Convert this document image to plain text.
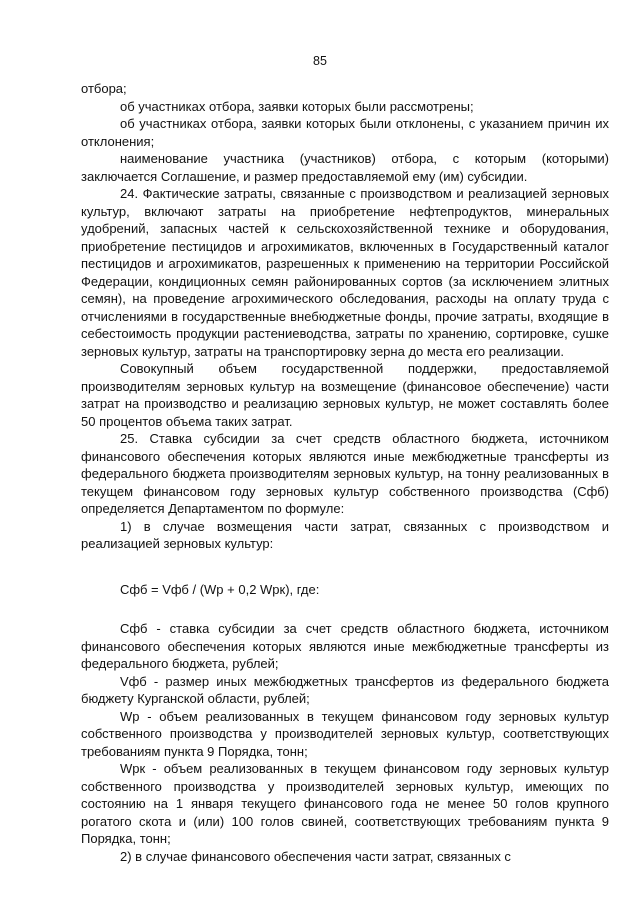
85

отбора;

об участниках отбора, заявки которых были рассмотрены;

об участниках отбора, заявки которых были отклонены, с указанием причин их отклонения;

наименование участника (участников) отбора, с которым (которыми) заключается Соглашение, и размер предоставляемой ему (им) субсидии.

24. Фактические затраты, связанные с производством и реализацией зерновых культур, включают затраты на приобретение нефтепродуктов, минеральных удобрений, запасных частей к сельскохозяйственной технике и оборудования, приобретение пестицидов и агрохимикатов, включенных в Государственный каталог пестицидов и агрохимикатов, разрешенных к применению на территории Российской Федерации, кондиционных семян районированных сортов (за исключением элитных семян), на проведение агрохимического обследования, расходы на оплату труда с отчислениями в государственные внебюджетные фонды, прочие затраты, входящие в себестоимость продукции растениеводства, затраты по хранению, сортировке, сушке зерновых культур, затраты на транспортировку зерна до места его реализации.

Совокупный объем государственной поддержки, предоставляемой производителям зерновых культур на возмещение (финансовое обеспечение) части затрат на производство и реализацию зерновых культур, не может составлять более 50 процентов объема таких затрат.

25. Ставка субсидии за счет средств областного бюджета, источником финансового обеспечения которых являются иные межбюджетные трансферты из федерального бюджета производителям зерновых культур, на тонну реализованных в текущем финансовом году зерновых культур собственного производства (Сфб) определяется Департаментом по формуле:

1) в случае возмещения части затрат, связанных с производством и реализацией зерновых культур:

Сфб = Vфб / (Wp + 0,2 Wpк), где:

Сфб - ставка субсидии за счет средств областного бюджета, источником финансового обеспечения которых являются иные межбюджетные трансферты из федерального бюджета, рублей;

Vфб - размер иных межбюджетных трансфертов из федерального бюджета бюджету Курганской области, рублей;

Wp - объем реализованных в текущем финансовом году зерновых культур собственного производства у производителей зерновых культур, соответствующих требованиям пункта 9 Порядка, тонн;

Wpк - объем реализованных в текущем финансовом году зерновых культур собственного производства у производителей зерновых культур, имеющих по состоянию на 1 января текущего финансового года не менее 50 голов крупного рогатого скота и (или) 100 голов свиней, соответствующих требованиям пункта 9 Порядка, тонн;

2) в случае финансового обеспечения части затрат, связанных с
